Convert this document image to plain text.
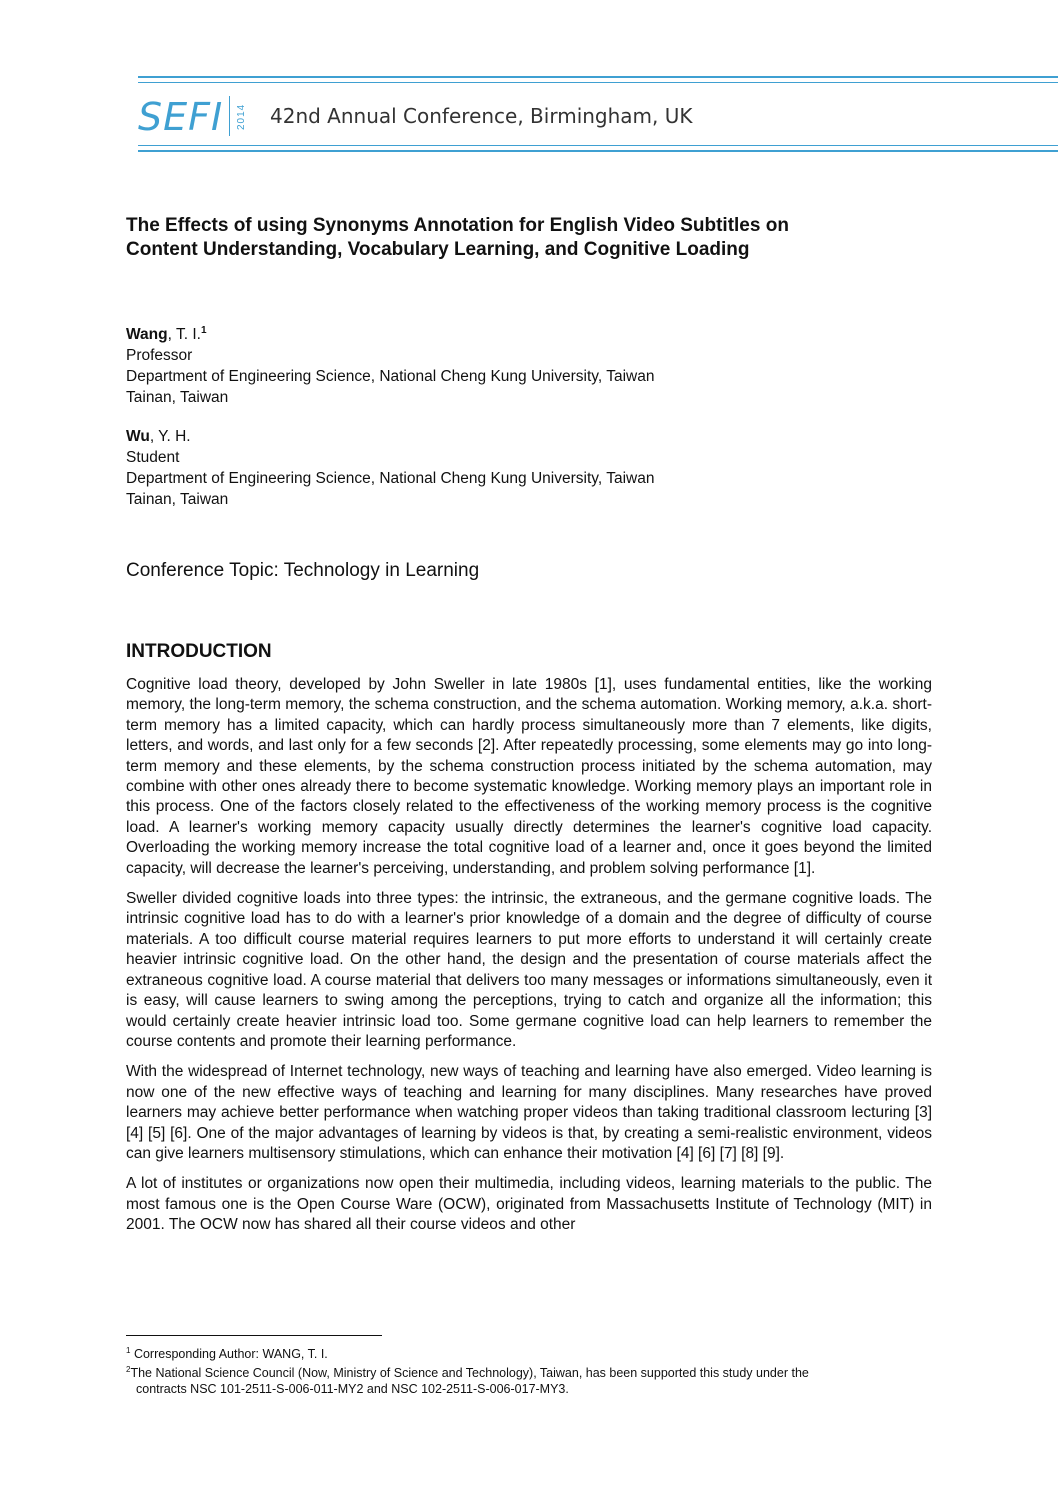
SEFI 2014 42nd Annual Conference, Birmingham, UK
The Effects of using Synonyms Annotation for English Video Subtitles on
Content Understanding, Vocabulary Learning, and Cognitive Loading
Wang, T. I.$^1$
Professor
Department of Engineering Science, National Cheng Kung University, Taiwan
Tainan, Taiwan
Wu, Y. H.
Student
Department of Engineering Science, National Cheng Kung University, Taiwan
Tainan, Taiwan
Conference Topic: Technology in Learning
INTRODUCTION

Cognitive load theory, developed by John Sweller in late 1980s [1], uses fundamental entities, like the working memory, the long-term memory, the schema construction, and the schema automation. Working memory, a.k.a. short-term memory has a limited capacity, which can hardly process simultaneously more than 7 elements, like digits, letters, and words, and last only for a few seconds [2]. After repeatedly processing, some elements may go into long-term memory and these elements, by the schema construction process initiated by the schema automation, may combine with other ones already there to become systematic knowledge. Working memory plays an important role in this process. One of the factors closely related to the effectiveness of the working memory process is the cognitive load. A learner's working memory capacity usually directly determines the learner's cognitive load capacity. Overloading the working memory increase the total cognitive load of a learner and, once it goes beyond the limited capacity, will decrease the learner's perceiving, understanding, and problem solving performance [1].

Sweller divided cognitive loads into three types: the intrinsic, the extraneous, and the germane cognitive loads. The intrinsic cognitive load has to do with a learner's prior knowledge of a domain and the degree of difficulty of course materials. A too difficult course material requires learners to put more efforts to understand it will certainly create heavier intrinsic cognitive load. On the other hand, the design and the presentation of course materials affect the extraneous cognitive load. A course material that delivers too many messages or informations simultaneously, even it is easy, will cause learners to swing among the perceptions, trying to catch and organize all the information; this would certainly create heavier intrinsic load too. Some germane cognitive load can help learners to remember the course contents and promote their learning performance.

With the widespread of Internet technology, new ways of teaching and learning have also emerged. Video learning is now one of the new effective ways of teaching and learning for many disciplines. Many researches have proved learners may achieve better performance when watching proper videos than taking traditional classroom lecturing [3] [4] [5] [6]. One of the major advantages of learning by videos is that, by creating a semi-realistic environment, videos can give learners multisensory stimulations, which can enhance their motivation [4] [6] [7] [8] [9].

A lot of institutes or organizations now open their multimedia, including videos, learning materials to the public. The most famous one is the Open Course Ware (OCW), originated from Massachusetts Institute of Technology (MIT) in 2001. The OCW now has shared all their course videos and other

$^1$ Corresponding Author: WANG, T. I.

$^2$The National Science Council (Now, Ministry of Science and Technology), Taiwan, has been supported this study under the

contracts NSC 101-2511-S-006-011-MY2 and NSC 102-2511-S-006-017-MY3.
